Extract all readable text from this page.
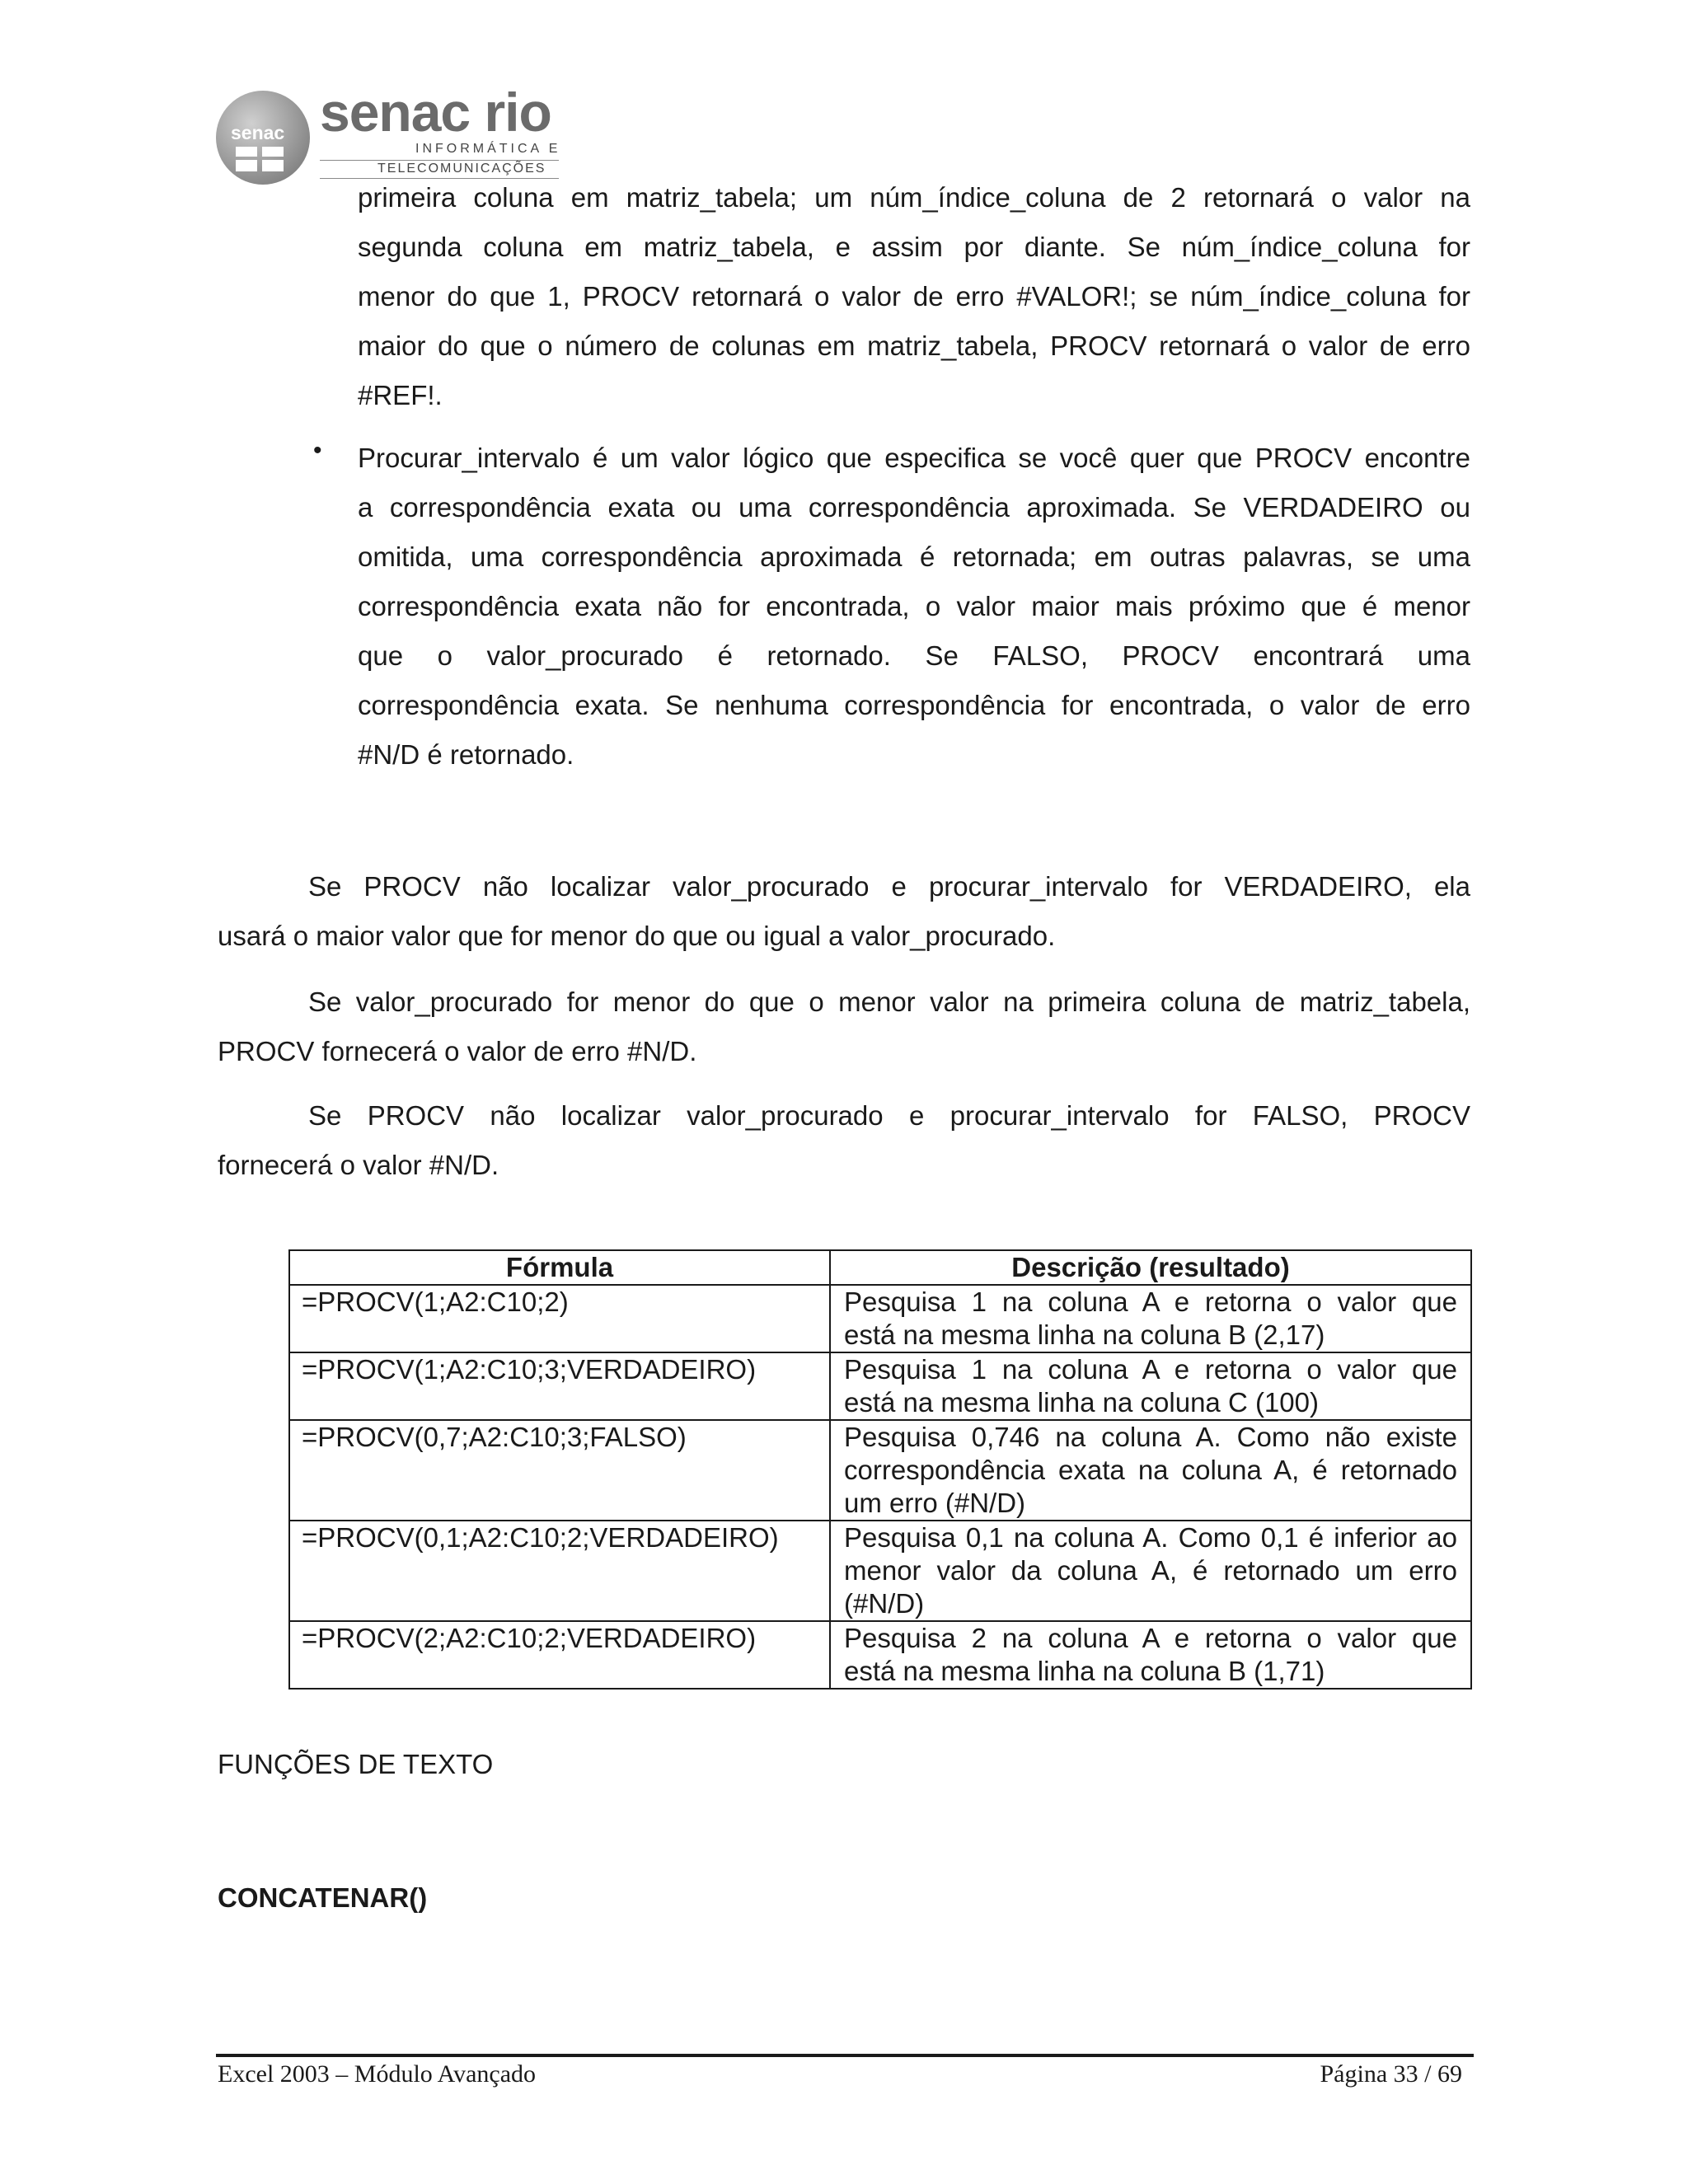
senac senac rio
INFORMÁTICA E
TELECOMUNICAÇÕES
primeira coluna em matriz_tabela; um núm_índice_coluna de 2 retornará o valor na
segunda coluna em matriz_tabela, e assim por diante. Se núm_índice_coluna for
menor do que 1, PROCV retornará o valor de erro #VALOR!; se núm_índice_coluna for
maior do que o número de colunas em matriz_tabela, PROCV retornará o valor de erro
#REF!.
• Procurar_intervalo é um valor lógico que especifica se você quer que PROCV encontre
a correspondência exata ou uma correspondência aproximada. Se VERDADEIRO ou
omitida, uma correspondência aproximada é retornada; em outras palavras, se uma
correspondência exata não for encontrada, o valor maior mais próximo que é menor
que o valor_procurado é retornado. Se FALSO, PROCV encontrará uma
correspondência exata. Se nenhuma correspondência for encontrada, o valor de erro
#N/D é retornado.
Se PROCV não localizar valor_procurado e procurar_intervalo for VERDADEIRO, ela
usará o maior valor que for menor do que ou igual a valor_procurado.
Se valor_procurado for menor do que o menor valor na primeira coluna de matriz_tabela,
PROCV fornecerá o valor de erro #N/D.
Se PROCV não localizar valor_procurado e procurar_intervalo for FALSO, PROCV
fornecerá o valor #N/D.
Fórmula	Descrição (resultado)
=PROCV(1;A2:C10;2)	Pesquisa 1 na coluna A e retorna o valor que
está na mesma linha na coluna B (2,17)

=PROCV(1;A2:C10;3;VERDADEIRO)	Pesquisa 1 na coluna A e retorna o valor que
está na mesma linha na coluna C (100)

=PROCV(0,7;A2:C10;3;FALSO)	Pesquisa 0,746 na coluna A. Como não existe
correspondência exata na coluna A, é retornado
um erro (#N/D)

=PROCV(0,1;A2:C10;2;VERDADEIRO)	Pesquisa 0,1 na coluna A. Como 0,1 é inferior ao
menor valor da coluna A, é retornado um erro
(#N/D)

=PROCV(2;A2:C10;2;VERDADEIRO)	Pesquisa 2 na coluna A e retorna o valor que
está na mesma linha na coluna B (1,71)
FUNÇÕES DE TEXTO
CONCATENAR()
Excel 2003 – Módulo Avançado	Página 33 / 69
